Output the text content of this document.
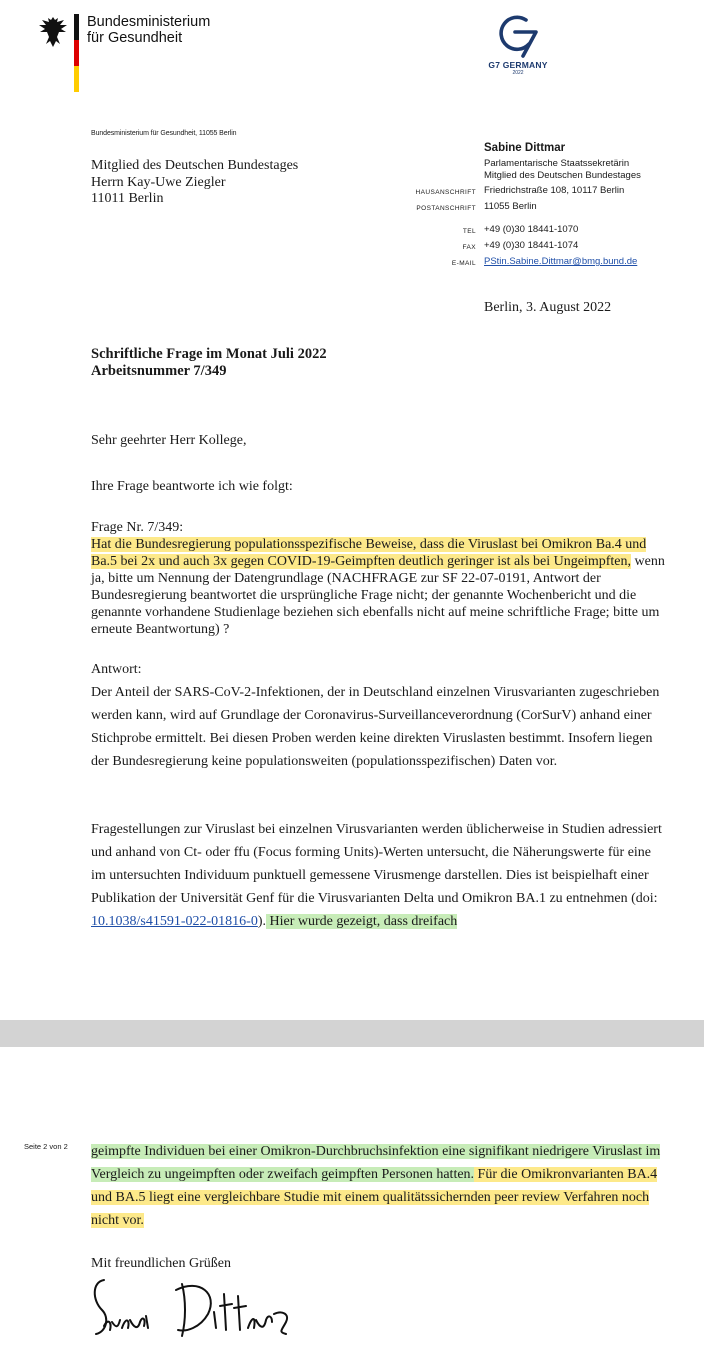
Bundesministerium
für Gesundheit
G7 GERMANY
2022
Bundesministerium für Gesundheit, 11055 Berlin
Mitglied des Deutschen Bundestages
Herrn Kay-Uwe Ziegler
11011 Berlin
Sabine Dittmar
Parlamentarische Staatssekretärin
Mitglied des Deutschen Bundestages
HAUSANSCHRIFT Friedrichstraße 108, 10117 Berlin
POSTANSCHRIFT 11055 Berlin
TEL +49 (0)30 18441-1070
FAX +49 (0)30 18441-1074
E-MAIL PStin.Sabine.Dittmar@bmg.bund.de
Berlin, 3. August 2022
Schriftliche Frage im Monat Juli 2022
Arbeitsnummer 7/349
Sehr geehrter Herr Kollege,
Ihre Frage beantworte ich wie folgt:
Frage Nr. 7/349:
Hat die Bundesregierung populationsspezifische Beweise, dass die Viruslast bei Omikron Ba.4 und Ba.5 bei 2x und auch 3x gegen COVID-19-Geimpften deutlich geringer ist als bei Ungeimpften, wenn ja, bitte um Nennung der Datengrundlage (NACHFRAGE zur SF 22-07-0191, Antwort der Bundesregierung beantwortet die ursprüngliche Frage nicht; der genannte Wochenbericht und die genannte vorhandene Studienlage beziehen sich ebenfalls nicht auf meine schriftliche Frage; bitte um erneute Beantwortung) ?
Antwort:
Der Anteil der SARS-CoV-2-Infektionen, der in Deutschland einzelnen Virusvarianten zugeschrieben werden kann, wird auf Grundlage der Coronavirus-Surveillanceverordnung (CorSurV) anhand einer Stichprobe ermittelt. Bei diesen Proben werden keine direkten Viruslasten bestimmt. Insofern liegen der Bundesregierung keine populationsweiten (populationsspezifischen) Daten vor.
Fragestellungen zur Viruslast bei einzelnen Virusvarianten werden üblicherweise in Studien adressiert und anhand von Ct- oder ffu (Focus forming Units)-Werten untersucht, die Näherungswerte für eine im untersuchten Individuum punktuell gemessene Virusmenge darstellen. Dies ist beispielhaft einer Publikation der Universität Genf für die Virusvarianten Delta und Omikron BA.1 zu entnehmen (doi: 10.1038/s41591-022-01816-0). Hier wurde gezeigt, dass dreifach
Seite 2 von 2 geimpfte Individuen bei einer Omikron-Durchbruchsinfektion eine signifikant niedrigere Viruslast im Vergleich zu ungeimpften oder zweifach geimpften Personen hatten. Für die Omikronvarianten BA.4 und BA.5 liegt eine vergleichbare Studie mit einem qualitätssichernden peer review Verfahren noch nicht vor.
Mit freundlichen Grüßen
